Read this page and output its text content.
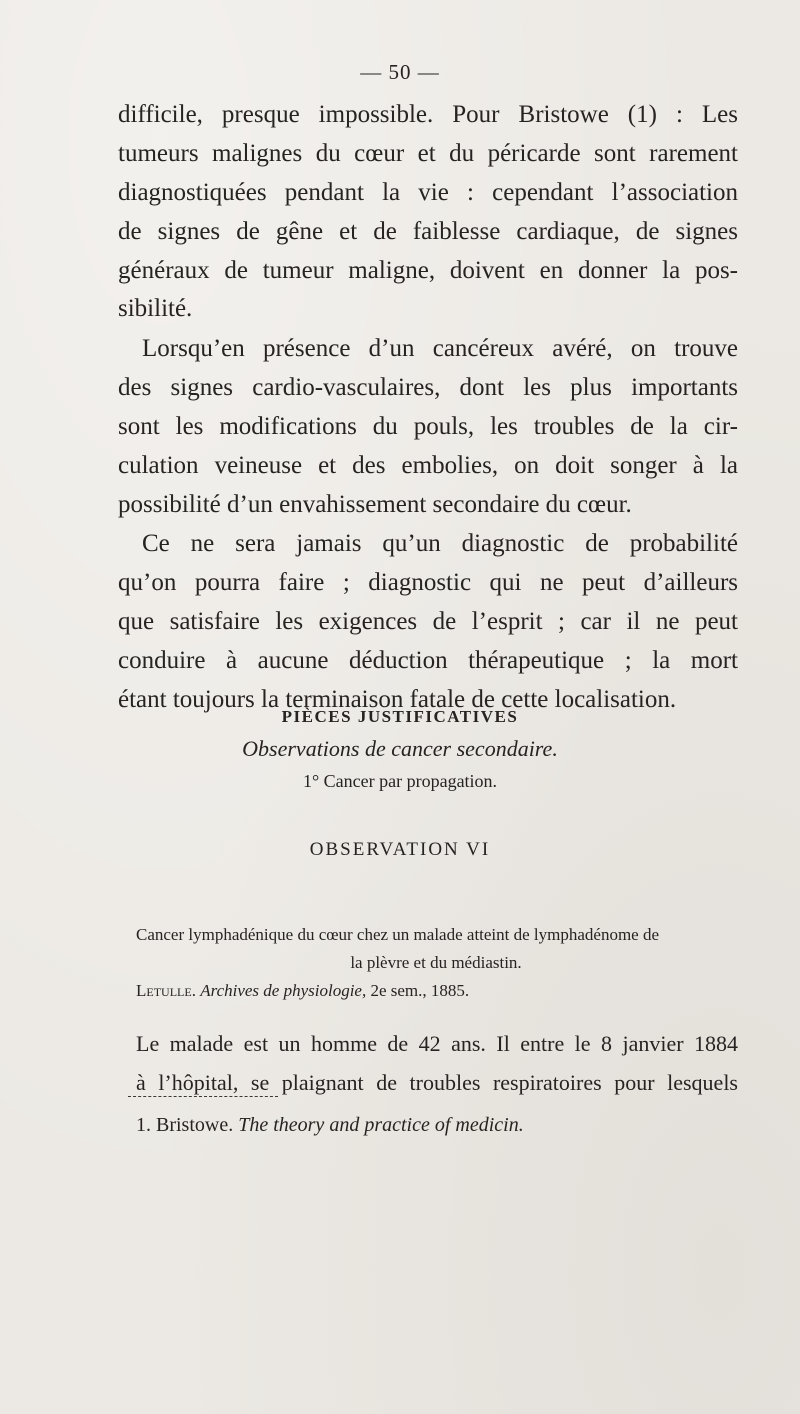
— 50 —
difficile, presque impossible. Pour Bristowe (1) : Les
tumeurs malignes du cœur et du péricarde sont rarement
diagnostiquées pendant la vie : cependant l’association
de signes de gêne et de faiblesse cardiaque, de signes
généraux de tumeur maligne, doivent en donner la pos-
sibilité.
Lorsqu’en présence d’un cancéreux avéré, on trouve
des signes cardio-vasculaires, dont les plus importants
sont les modifications du pouls, les troubles de la cir-
culation veineuse et des embolies, on doit songer à la
possibilité d’un envahissement secondaire du cœur.
Ce ne sera jamais qu’un diagnostic de probabilité
qu’on pourra faire ; diagnostic qui ne peut d’ailleurs
que satisfaire les exigences de l’esprit ; car il ne peut
conduire à aucune déduction thérapeutique ; la mort
étant toujours la terminaison fatale de cette localisation.
PIÈCES JUSTIFICATIVES
Observations de cancer secondaire.
1° Cancer par propagation.
OBSERVATION VI
Cancer lymphadénique du cœur chez un malade atteint de lymphadénome de
la plèvre et du médiastin.
Letulle. Archives de physiologie, 2e sem., 1885.
Le malade est un homme de 42 ans. Il entre le 8 janvier 1884
à l’hôpital, se plaignant de troubles respiratoires pour lesquels
1. Bristowe. The theory and practice of medicin.
